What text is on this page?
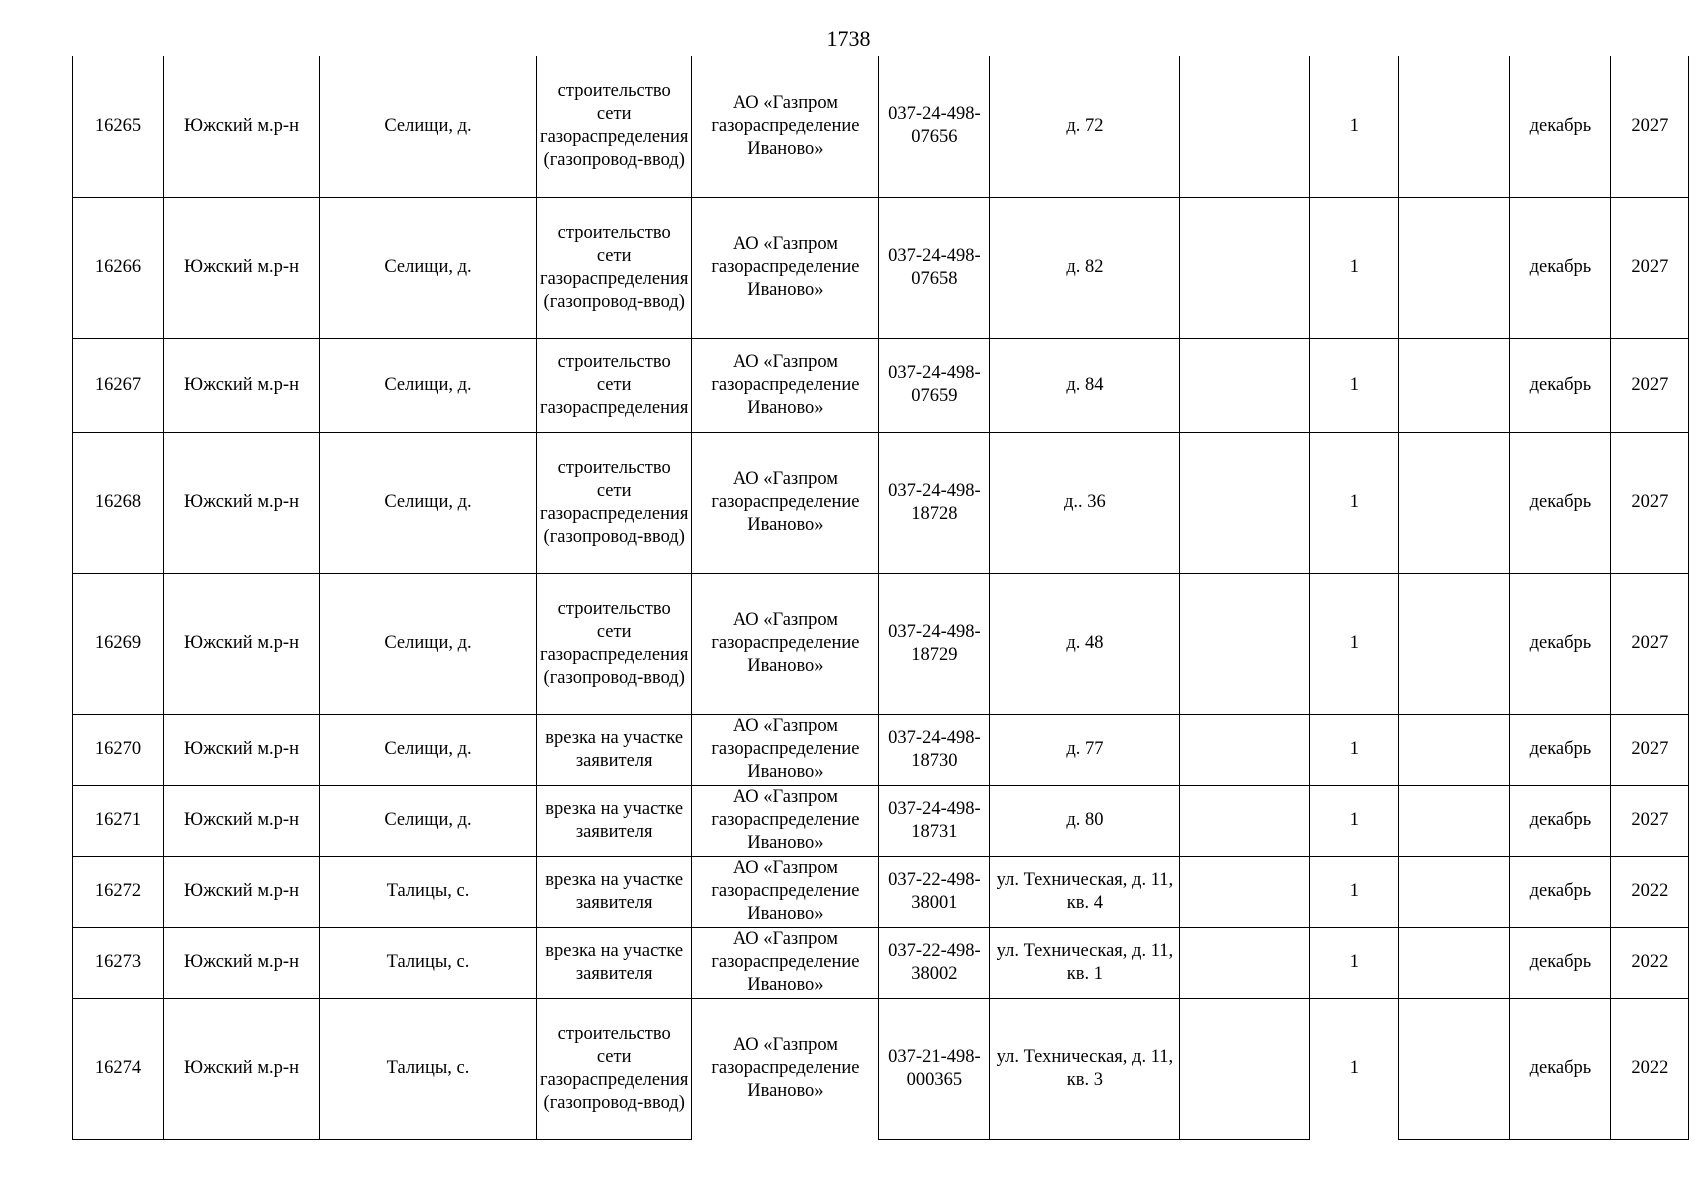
1738
16265	Южский м.р-н	Селищи, д.	строительство сети газораспределения (газопровод-ввод)	АО «Газпром газораспределение Иваново»	037-24-498-07656	д. 72		1		декабрь	2027
16266	Южский м.р-н	Селищи, д.	строительство сети газораспределения (газопровод-ввод)	АО «Газпром газораспределение Иваново»	037-24-498-07658	д. 82		1		декабрь	2027
16267	Южский м.р-н	Селищи, д.	строительство сети газораспределения	АО «Газпром газораспределение Иваново»	037-24-498-07659	д. 84		1		декабрь	2027
16268	Южский м.р-н	Селищи, д.	строительство сети газораспределения (газопровод-ввод)	АО «Газпром газораспределение Иваново»	037-24-498-18728	д.. 36		1		декабрь	2027
16269	Южский м.р-н	Селищи, д.	строительство сети газораспределения (газопровод-ввод)	АО «Газпром газораспределение Иваново»	037-24-498-18729	д. 48		1		декабрь	2027
16270	Южский м.р-н	Селищи, д.	врезка на участке заявителя	АО «Газпром газораспределение Иваново»	037-24-498-18730	д. 77		1		декабрь	2027
16271	Южский м.р-н	Селищи, д.	врезка на участке заявителя	АО «Газпром газораспределение Иваново»	037-24-498-18731	д. 80		1		декабрь	2027
16272	Южский м.р-н	Талицы, с.	врезка на участке заявителя	АО «Газпром газораспределение Иваново»	037-22-498-38001	ул. Техническая, д. 11, кв. 4		1		декабрь	2022
16273	Южский м.р-н	Талицы, с.	врезка на участке заявителя	АО «Газпром газораспределение Иваново»	037-22-498-38002	ул. Техническая, д. 11, кв. 1		1		декабрь	2022
16274	Южский м.р-н	Талицы, с.	строительство сети газораспределения (газопровод-ввод)	АО «Газпром газораспределение Иваново»	037-21-498-000365	ул. Техническая, д. 11, кв. 3		1		декабрь	2022
